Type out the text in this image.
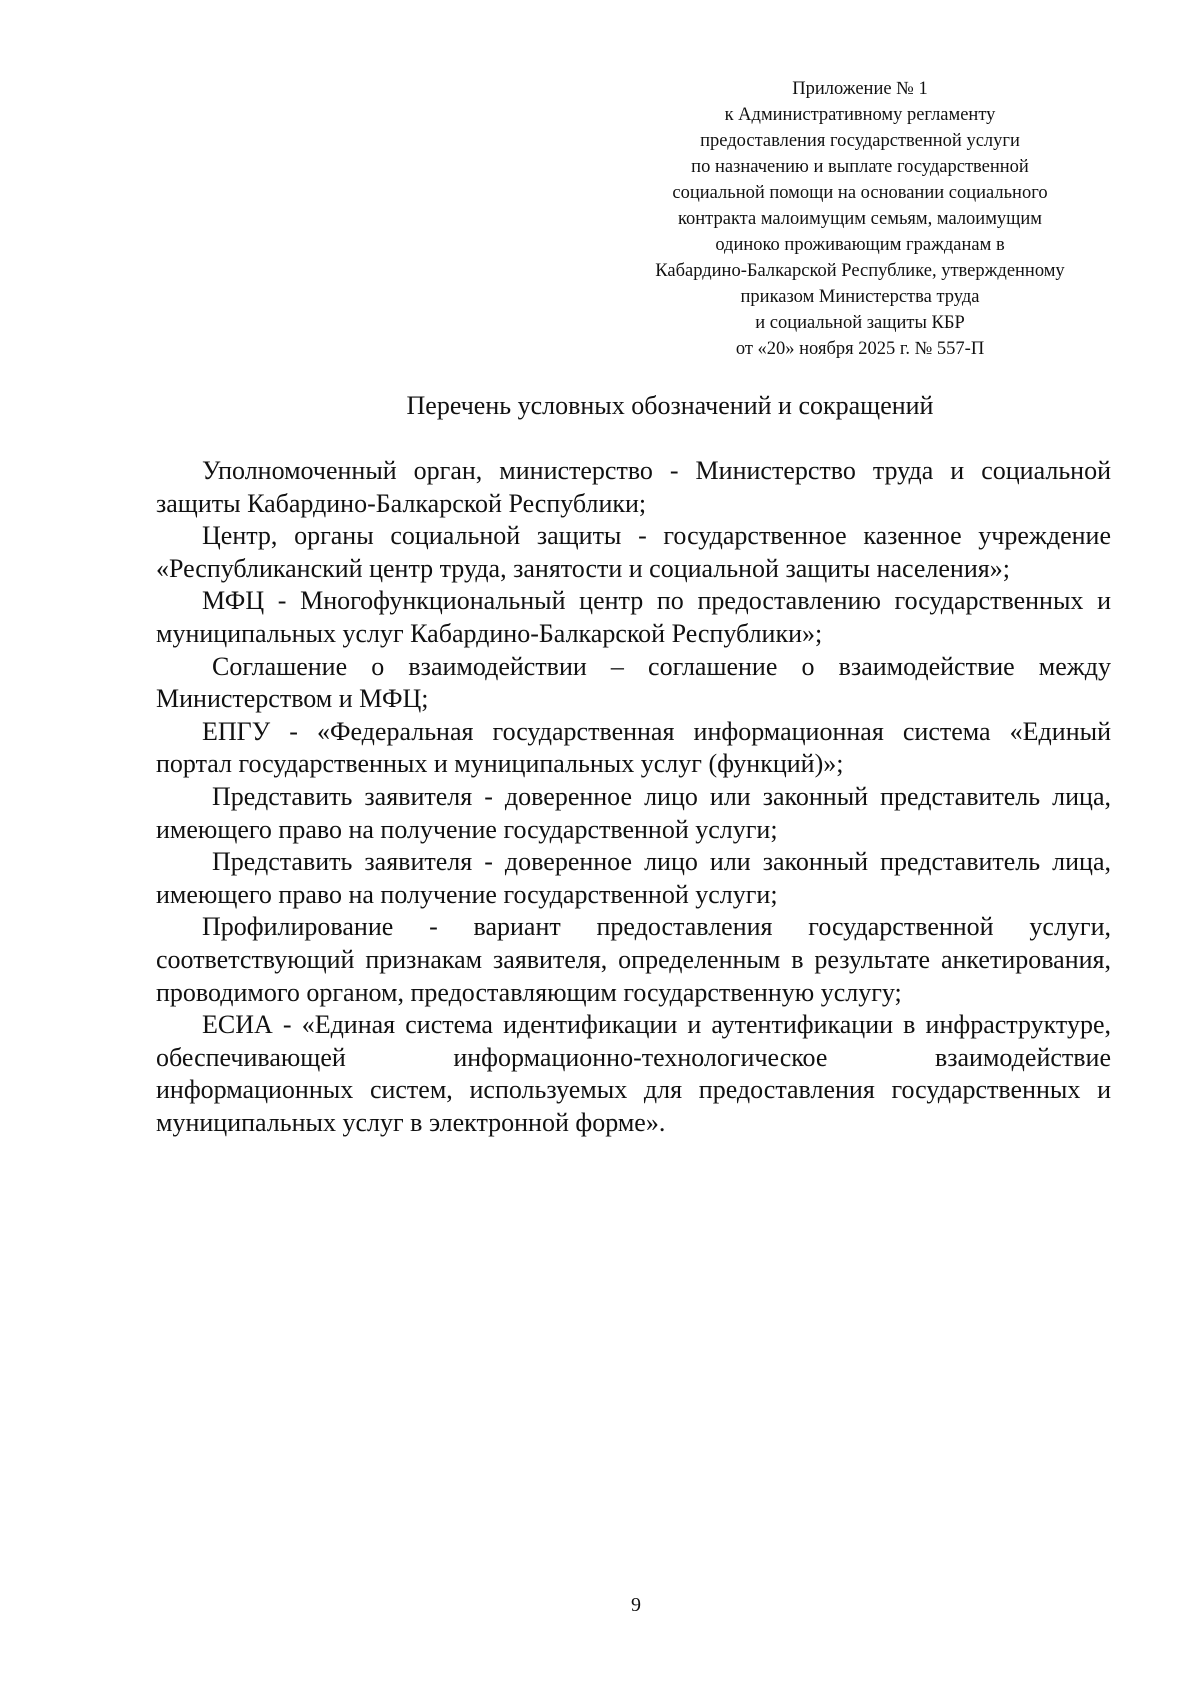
Приложение № 1
к Административному регламенту
предоставления государственной услуги
по назначению и выплате государственной
социальной помощи на основании социального
контракта малоимущим семьям, малоимущим
одиноко проживающим гражданам в
Кабардино-Балкарской Республике, утвержденному
приказом Министерства труда
и социальной защиты КБР
от «20» ноября 2025 г. № 557-П
Перечень условных обозначений и сокращений

Уполномоченный орган, министерство - Министерство труда и социальной защиты Кабардино-Балкарской Республики;

Центр, органы социальной защиты - государственное казенное учреждение «Республиканский центр труда, занятости и социальной защиты населения»;

МФЦ - Многофункциональный центр по предоставлению государственных и муниципальных услуг Кабардино-Балкарской Республики»;

Соглашение о взаимодействии – соглашение о взаимодействие между Министерством и МФЦ;

ЕПГУ - «Федеральная государственная информационная система «Единый портал государственных и муниципальных услуг (функций)»;

Представить заявителя - доверенное лицо или законный представитель лица, имеющего право на получение государственной услуги;

Представить заявителя - доверенное лицо или законный представитель лица, имеющего право на получение государственной услуги;

Профилирование - вариант предоставления государственной услуги, соответствующий признакам заявителя, определенным в результате анкетирования, проводимого органом, предоставляющим государственную услугу;

ЕСИА - «Единая система идентификации и аутентификации в инфраструктуре, обеспечивающей информационно-технологическое взаимодействие информационных систем, используемых для предоставления государственных и муниципальных услуг в электронной форме».

9
